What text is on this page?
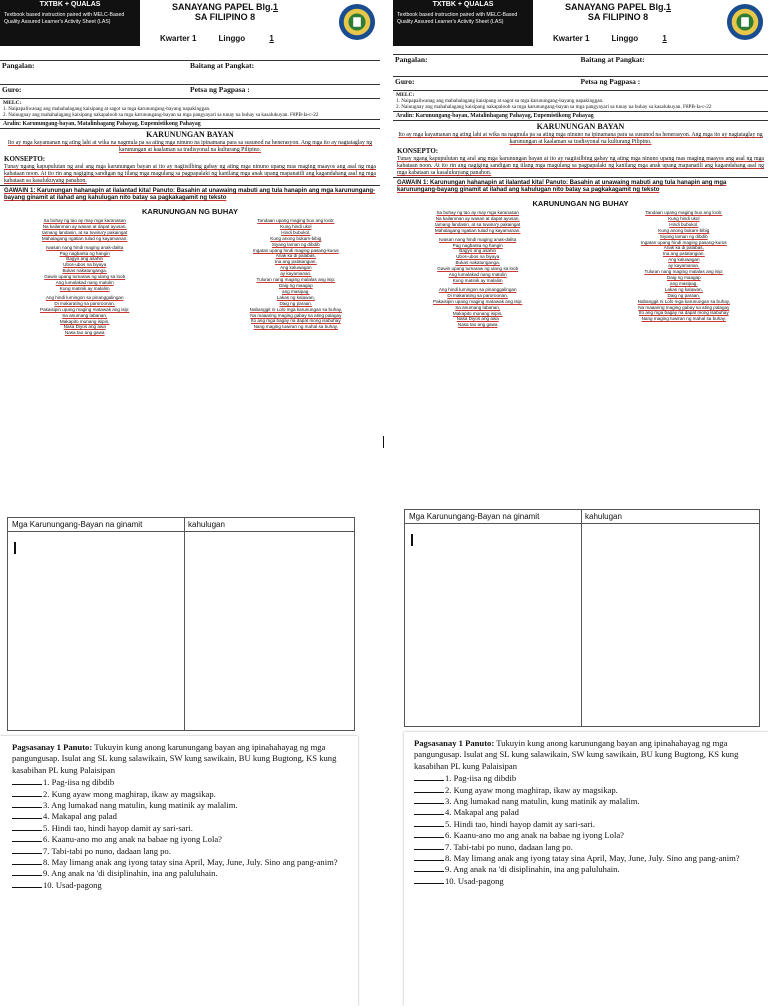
TXTBK + QUALAS
Textbook based instruction paired with MELC-Based Quality Assured Learner's Activity Sheet (LAS)
SANAYANG PAPEL Blg.1
SA FILIPINO 8
Kwarter 1	Linggo	1
Pangalan:	Baitang at Pangkat:
Guro:	Petsa ng Pagpasa :
MELC:
1. Naipapaliwanag ang mahahalagang kaisipang at sagot sa mga karunungang-bayang napakinggan.
2. Naiuugnay ang mahahalagang kaisipang nakapaloob sa mga karunungang-bayan sa mga pangyayari sa tunay na buhay sa kasalukuyan. F8PB-Ia-c-22
Aralin: Karunungang-bayan, Matalinhagang Pahayag, Eupemistikong Pahayag
KARUNUNGAN BAYAN
Ito ay mga kayamanan ng ating lahi at wika na nagmula pa sa ating mga ninuno na ipinamana para sa susunod na henerasyon. Ang mga ito ay nagtataglay ng karunungan at kaalaman sa tradisyonal na kulturang Pilipino.
KONSEPTO:
Tunay ngang kapupulutan ng aral ang mga karunungan bayan at ito ay nagiisilbing gabay ng ating mga ninuno upang mas maging maayos ang asal ng mga kabataan noon. At ito rin ang nagiging sandigan ng iilang mga magulang sa pagpapalaki ng kanilang mga anak upang mapanatili ang kagandahang asal ng mga kabataan sa kasalukuyang panahon.
GAWAIN 1: Karunungan hahanapin at ilalantad kita! Panuto: Basahin at unawaing mabuti ang tula hanapin ang mga karunungang-bayang ginamit at ilahad ang kahulugan nito batay sa pagkakagamit ng teksto
KARUNUNGAN NG BUHAY
Sa buhay ng tao ay may mga karanasan
Na kailanman ay wasan at dapat ayusan,
tamang landasin, at sa tuwina'y pakaingat
Mahalagang ngatian tulad ng kayamanan.
Iwasan nang hindi maging anak-dalita
Pag nagbanta ng hangin
Bagyo ang asahin
Ubos-ubos na biyaya
Bukas nakatunganga.
Gawin upang tumaraw ng ulang sa loob
Ang lumalakad nang matulin
Kung matinik ay malalim
Ang hindi lumingon sa pinanggalingan
Di makarating sa paroroonan.
Pakaisipin upang maging matawak ang isip:
Sa anumang labanan,
Makapito munang isipin,
Nasa Diyos ang awa
Nasa tao ang gawa
Tandaan upang maging buo ang loob:
Kung hindi ukol
Hindi bubukol.
Kung anong bukam-bibig
Siyang laman ng dibdib
Ingatan upang hindi maging pasang-kurus
Anak ka di palabas,
Ina ang patatangian.
Ang kaluwagan
ay kayamanan.
Tuluran nang maging malalas ang isip:
Daig ng maagap
ang masipag.
Lakas ng kalawan,
Daig ng paraan.
Nabanggit ni Lolo mga karunungan sa buhay,
Na maaaring maging gabay sa ating palagay
Ito ang mga bagay na dapat mong isabuhay
Nang maging tuwiran ng mahal sa buhay.
TXTBK + QUALAS
Textbook based instruction paired with MELC-Based Quality Assured Learner's Activity Sheet (LAS)
SANAYANG PAPEL Blg.1
SA FILIPINO 8
Kwarter 1	Linggo	1
Pangalan:	Baitang at Pangkat:
Guro:	Petsa ng Pagpasa :
MELC:
1. Naipapaliwanag ang mahahalagang kaisipang at sagot sa mga karunungang-bayang napakinggan.
2. Naiuugnay ang mahahalagang kaisipang nakapaloob sa mga karunungang-bayan sa mga pangyayari sa tunay na buhay sa kasalukuyan. F8PB-Ia-c-22
Aralin: Karunungang-bayan, Matalinhagang Pahayag, Eupemistikong Pahayag
KARUNUNGAN BAYAN
Ito ay mga kayamanan ng ating lahi at wika na nagmula pa sa ating mga ninuno na ipinamana para sa susunod na henerasyon. Ang mga ito ay nagtataglay ng karunungan at kaalaman sa tradisyonal na kulturang Pilipino.
KONSEPTO:
Tunay ngang kapupulutan ng aral ang mga karunungan bayan at ito ay nagiisilbing gabay ng ating mga ninuno upang mas maging maayos ang asal ng mga kabataan noon. At ito rin ang nagiging sandigan ng iilang mga magulang sa pagpapalaki ng kanilang mga anak upang mapanatili ang kagandahang asal ng mga kabataan sa kasalukuyang panahon.
GAWAIN 1: Karunungan hahanapin at ilalantad kita! Panuto: Basahin at unawaing mabuti ang tula hanapin ang mga karunungang-bayang ginamit at ilahad ang kahulugan nito batay sa pagkakagamit ng teksto
KARUNUNGAN NG BUHAY
Sa buhay ng tao ay may mga karanasan
Na kailanman ay wasan at dapat ayusan,
tamang landasin, at sa tuwina'y pakaingat
Mahalagang ngatian tulad ng kayamanan.
Iwasan nang hindi maging anak-dalita
Pag nagbanta ng hangin
Bagyo ang asahin
Ubos-ubos na biyaya
Bukas nakatunganga.
Gawin upang tumaraw ng ulang sa loob
Ang lumalakad nang matulin
Kung matinik ay malalim
Ang hindi lumingon sa pinanggalingan
Di makarating sa paroroonan.
Pakaisipin upang maging matawak ang isip:
Sa anumang labanan,
Makapito munang isipin,
Nasa Diyos ang awa
Nasa tao ang gawa
Tandaan upang maging buo ang loob:
Kung hindi ukol
Hindi bubukol.
Kung anong bukam-bibig
Siyang laman ng dibdib
Ingatan upang hindi maging pasang-kurus
Anak ka di palabas,
Ina ang patatangian.
Ang kaluwagan
ay kayamanan.
Tuluran nang maging malalas ang isip:
Daig ng maagap
ang masipag.
Lakas ng kalawan,
Daig ng paraan.
Nabanggit ni Lolo mga karunungan sa buhay,
Na maaaring maging gabay sa ating palagay
Ito ang mga bagay na dapat mong isabuhay
Nang maging tuwiran ng mahal sa buhay.
Mga Karunungang-Bayan na ginamit	kahulugan
Mga Karunungang-Bayan na ginamit	kahulugan
Pagsasanay 1 Panuto: Tukuyin kung anong karunungang bayan ang ipinahahayag ng mga pangungusap. Isulat ang SL kung salawikain, SW kung sawikain, BU kung Bugtong, KS kung kasabihan PL kung Palaisipan
1. Pag-iisa ng dibdib
2. Kung ayaw mong maghirap, ikaw ay magsikap.
3. Ang lumakad nang matulin, kung matinik ay malalim.
4. Makapal ang palad
5. Hindi tao, hindi hayop damit ay sari-sari.
6. Kaanu-ano mo ang anak na babae ng iyong Lola?
7. Tabi-tabi po nuno, dadaan lang po.
8. May limang anak ang iyong tatay sina April, May, June, July. Sino ang pang-anim?
9. Ang anak na 'di disiplinahin, ina ang paluluhain.
10. Usad-pagong
Pagsasanay 1 Panuto: Tukuyin kung anong karunungang bayan ang ipinahahayag ng mga pangungusap. Isulat ang SL kung salawikain, SW kung sawikain, BU kung Bugtong, KS kung kasabihan PL kung Palaisipan
1. Pag-iisa ng dibdib
2. Kung ayaw mong maghirap, ikaw ay magsikap.
3. Ang lumakad nang matulin, kung matinik ay malalim.
4. Makapal ang palad
5. Hindi tao, hindi hayop damit ay sari-sari.
6. Kaanu-ano mo ang anak na babae ng iyong Lola?
7. Tabi-tabi po nuno, dadaan lang po.
8. May limang anak ang iyong tatay sina April, May, June, July. Sino ang pang-anim?
9. Ang anak na 'di disiplinahin, ina ang paluluhain.
10. Usad-pagong
